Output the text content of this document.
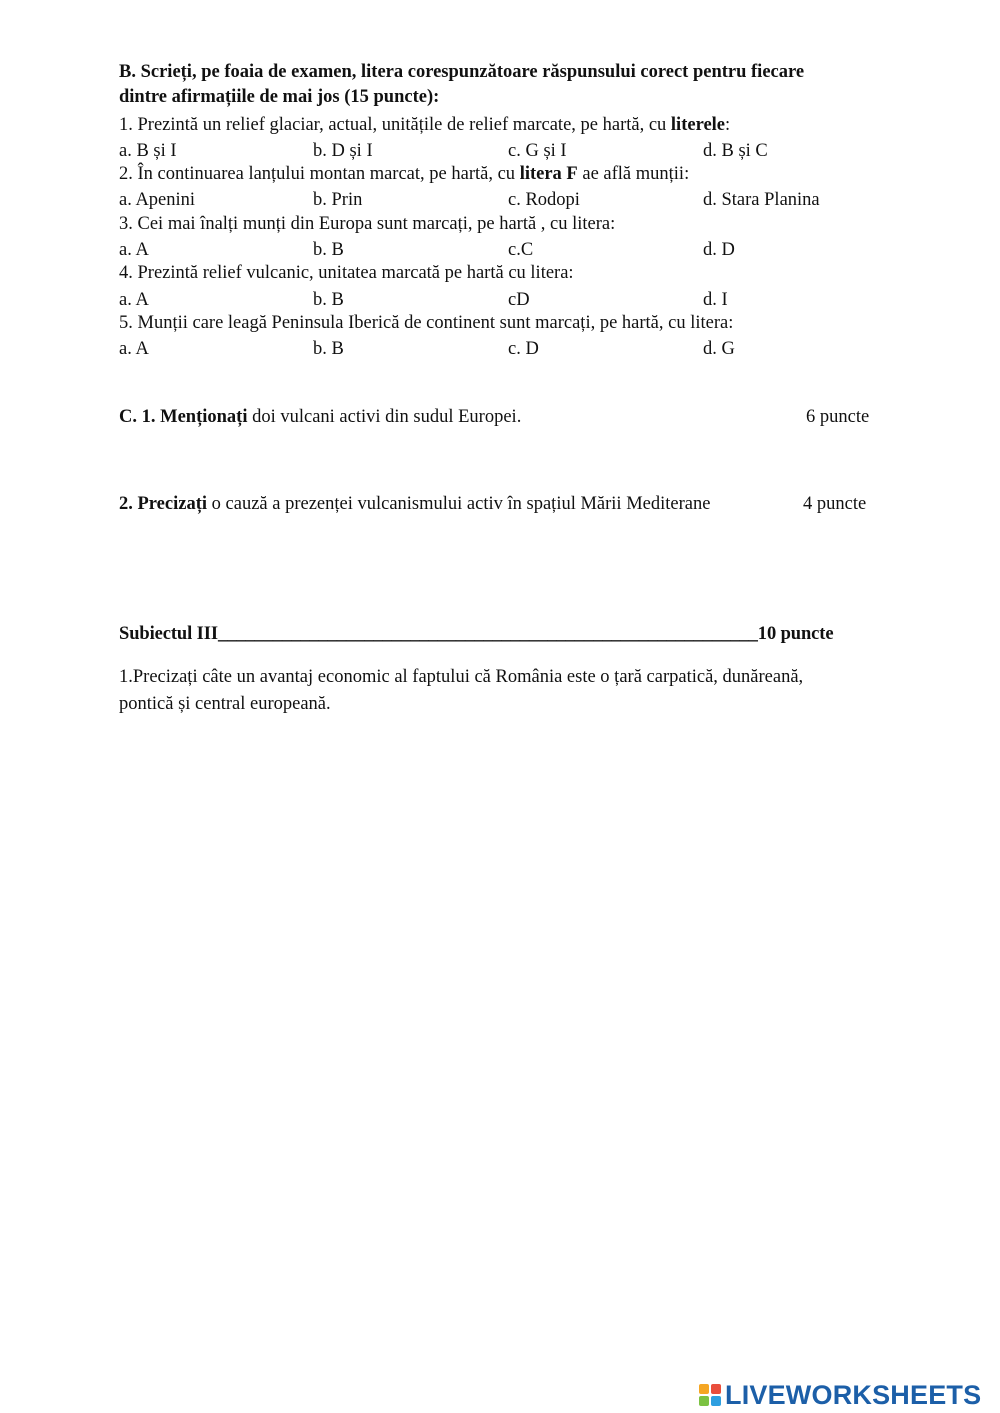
B. Scrieți, pe foaia de examen, litera corespunzătoare răspunsului corect pentru fiecare
dintre afirmațiile de mai jos (15 puncte):
1. Prezintă un relief glaciar, actual, unitățile de relief marcate, pe hartă, cu literele:
a. B și I	b. D și I	c. G și I	d. B și C
2. În continuarea lanțului montan marcat, pe hartă, cu litera F ae află munții:
a. Apenini	b. Prin	c. Rodopi	d. Stara Planina
3. Cei mai înalți munți din Europa sunt marcați, pe hartă , cu litera:
a. A	b. B	c.C	d. D
4. Prezintă relief vulcanic, unitatea marcată pe hartă cu litera:
a. A	b. B	cD	d. I
5. Munții care leagă Peninsula Iberică de continent sunt marcați, pe hartă, cu litera:
a. A	b. B	c. D	d. G
C. 1. Menționați doi vulcani activi din sudul Europei.	6 puncte
2. Precizați o cauză a prezenței vulcanismului activ în spațiul Mării Mediterane	4 puncte
Subiectul III___________________________________________________________10 puncte
1.Precizați câte un avantaj economic al faptului că România este o țară carpatică, dunăreană,
pontică și central europeană.
LIVEWORKSHEETS
